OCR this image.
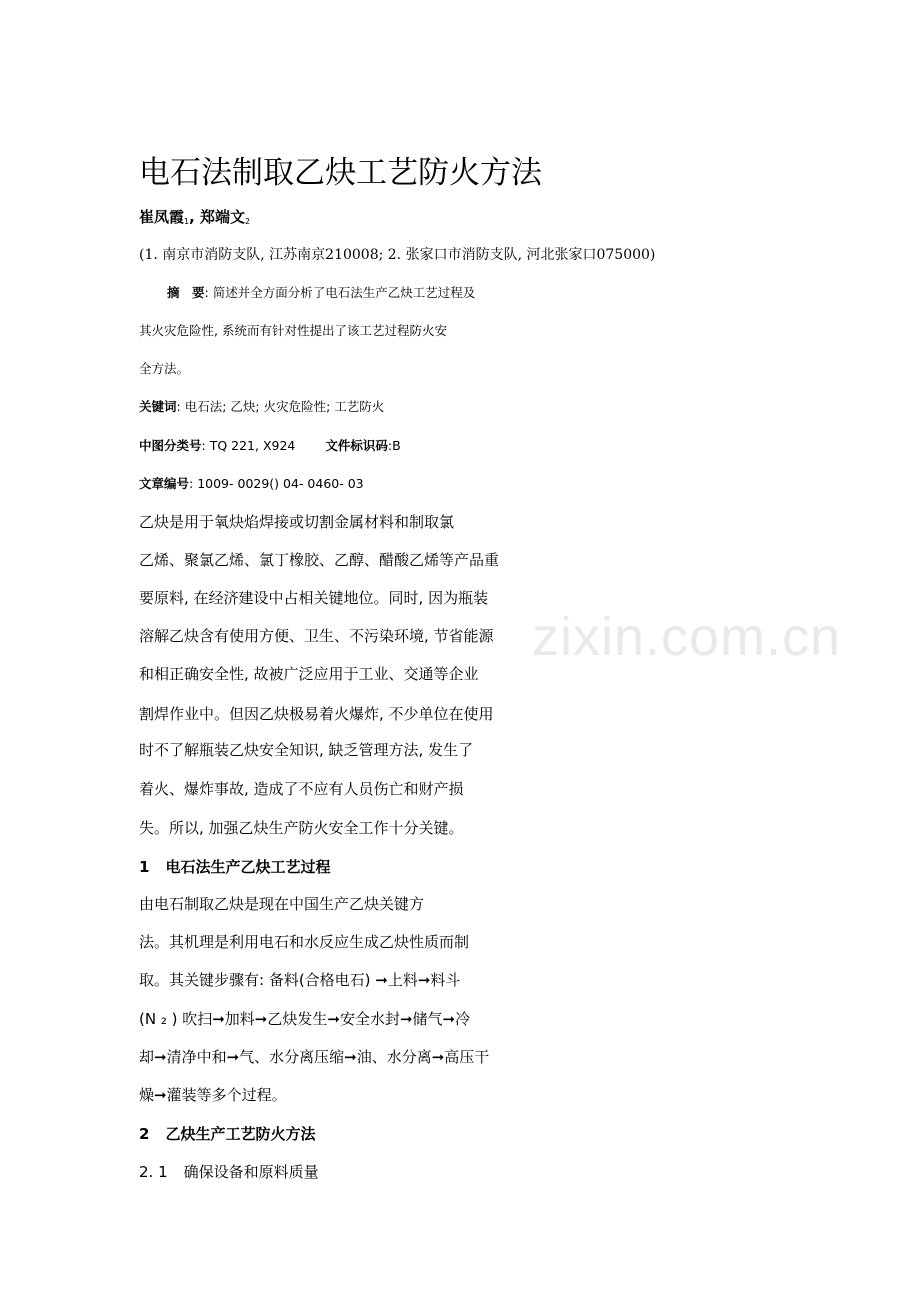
zixin.com.cn
电石法制取乙炔工艺防火方法
崔凤霞$_1$, 郑端文$_2$
(1. 南京市消防支队, 江苏南京210008; 2. 张家口市消防支队, 河北张家口075000)
摘　要: 简述并全方面分析了电石法生产乙炔工艺过程及
其火灾危险性, 系统而有针对性提出了该工艺过程防火安
全方法。
关键词: 电石法; 乙炔; 火灾危险性; 工艺防火
中图分类号: TQ 221, X924 文件标识码:B
文章编号: 1009- 0029() 04- 0460- 03
乙炔是用于氧炔焰焊接或切割金属材料和制取氯
乙烯、聚氯乙烯、氯丁橡胶、乙醇、醋酸乙烯等产品重
要原料, 在经济建设中占相关键地位。同时, 因为瓶装
溶解乙炔含有使用方便、卫生、不污染环境, 节省能源
和相正确安全性, 故被广泛应用于工业、交通等企业
割焊作业中。但因乙炔极易着火爆炸, 不少单位在使用
时不了解瓶装乙炔安全知识, 缺乏管理方法, 发生了
着火、爆炸事故, 造成了不应有人员伤亡和财产损
失。所以, 加强乙炔生产防火安全工作十分关键。
1 电石法生产乙炔工艺过程
由电石制取乙炔是现在中国生产乙炔关键方
法。其机理是利用电石和水反应生成乙炔性质而制
取。其关键步骤有: 备料(合格电石) ➞上料➞料斗
(N ₂ ) 吹扫➞加料➞乙炔发生➞安全水封➞储气➞冷
却➞清净中和➞气、水分离压缩➞油、水分离➞高压干
燥➞灌装等多个过程。
2 乙炔生产工艺防火方法
2. 1 确保设备和原料质量
